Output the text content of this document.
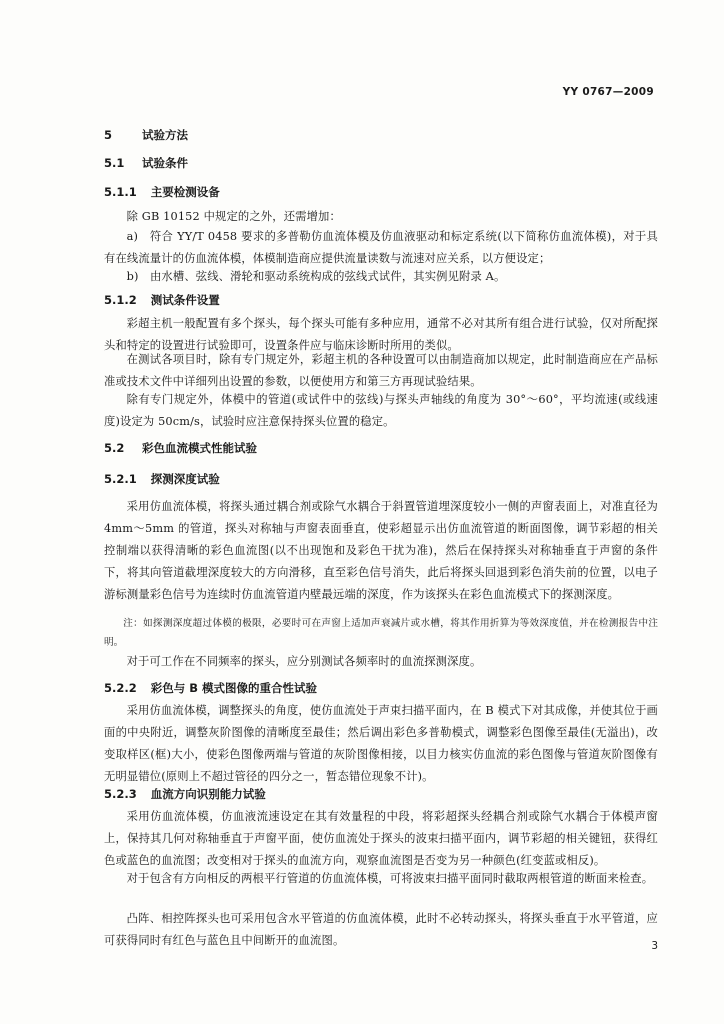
YY 0767—2009
5	试验方法
5.1 试验条件
5.1.1 主要检测设备
除 GB 10152 中规定的之外，还需增加：
a)　符合 YY/T 0458 要求的多普勒仿血流体模及仿血液驱动和标定系统(以下简称仿血流体模)，对于具有在线流量计的仿血流体模，体模制造商应提供流量读数与流速对应关系，以方便设定；
b)　由水槽、弦线、滑轮和驱动系统构成的弦线式试件，其实例见附录 A。
5.1.2 测试条件设置
彩超主机一般配置有多个探头，每个探头可能有多种应用，通常不必对其所有组合进行试验，仅对所配探头和特定的设置进行试验即可，设置条件应与临床诊断时所用的类似。
在测试各项目时，除有专门规定外，彩超主机的各种设置可以由制造商加以规定，此时制造商应在产品标准或技术文件中详细列出设置的参数，以便使用方和第三方再现试验结果。
除有专门规定外，体模中的管道(或试件中的弦线)与探头声轴线的角度为 30°～60°，平均流速(或线速度)设定为 50cm/s，试验时应注意保持探头位置的稳定。
5.2 彩色血流模式性能试验
5.2.1 探测深度试验
采用仿血流体模，将探头通过耦合剂或除气水耦合于斜置管道埋深度较小一侧的声窗表面上，对准直径为 4mm～5mm 的管道，探头对称轴与声窗表面垂直，使彩超显示出仿血流管道的断面图像，调节彩超的相关控制端以获得清晰的彩色血流图(以不出现饱和及彩色干扰为准)，然后在保持探头对称轴垂直于声窗的条件下，将其向管道截埋深度较大的方向滑移，直至彩色信号消失，此后将探头回退到彩色消失前的位置，以电子游标测量彩色信号为连续时仿血流管道内壁最远端的深度，作为该探头在彩色血流模式下的探测深度。
注：如探测深度超过体模的极限，必要时可在声窗上适加声衰减片或水槽，将其作用折算为等效深度值，并在检测报告中注明。
对于可工作在不同频率的探头，应分别测试各频率时的血流探测深度。
5.2.2 彩色与 B 模式图像的重合性试验
采用仿血流体模，调整探头的角度，使仿血流处于声束扫描平面内，在 B 模式下对其成像，并使其位于画面的中央附近，调整灰阶图像的清晰度至最佳；然后调出彩色多普勒模式，调整彩色图像至最佳(无溢出)，改变取样区(框)大小，使彩色图像两端与管道的灰阶图像相接，以目力核实仿血流的彩色图像与管道灰阶图像有无明显错位(原则上不超过管径的四分之一，暂态错位现象不计)。
5.2.3 血流方向识别能力试验
采用仿血流体模，仿血液流速设定在其有效量程的中段，将彩超探头经耦合剂或除气水耦合于体模声窗上，保持其几何对称轴垂直于声窗平面，使仿血流处于探头的波束扫描平面内，调节彩超的相关键钮，获得红色或蓝色的血流图；改变相对于探头的血流方向，观察血流图是否变为另一种颜色(红变蓝或相反)。
对于包含有方向相反的两根平行管道的仿血流体模，可将波束扫描平面同时截取两根管道的断面来检查。
凸阵、相控阵探头也可采用包含水平管道的仿血流体模，此时不必转动探头，将探头垂直于水平管道，应可获得同时有红色与蓝色且中间断开的血流图。	3
